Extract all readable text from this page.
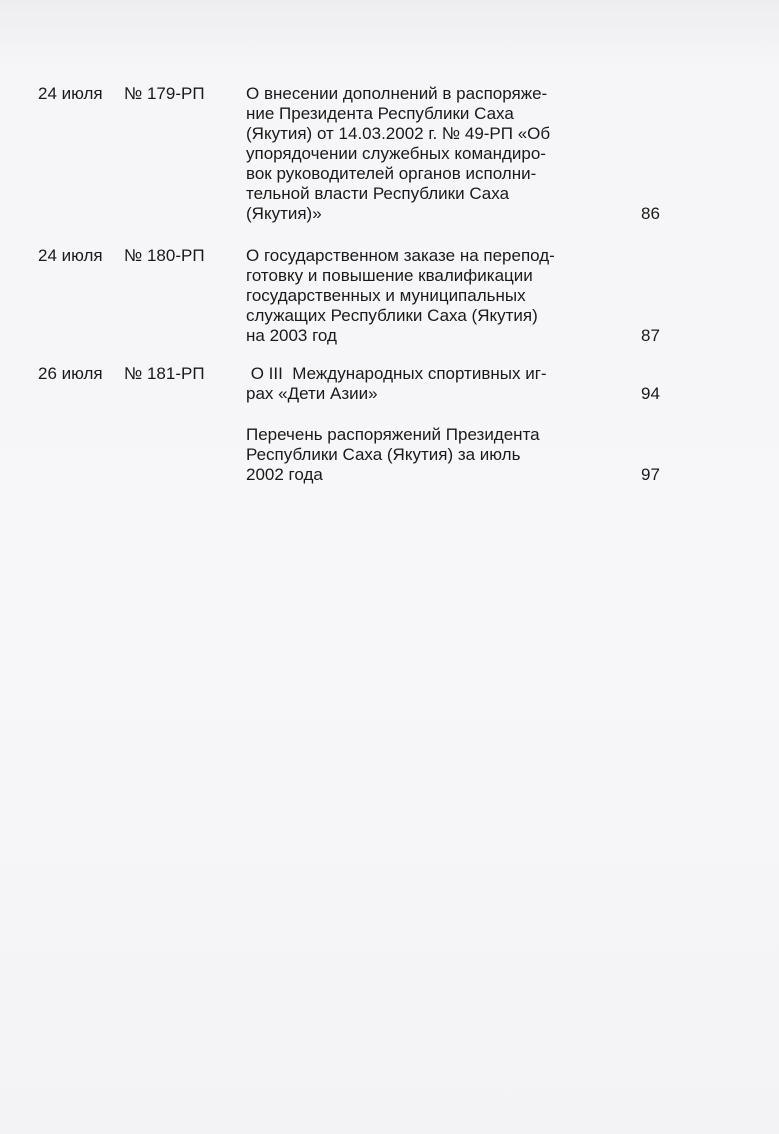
24 июля № 179-РП О внесении дополнений в распоряже-
ние Президента Республики Саха
(Якутия) от 14.03.2002 г. № 49-РП «Об
упорядочении служебных командиро-
вок руководителей органов исполни-
тельной власти Республики Саха
(Якутия)»	86
24 июля № 180-РП О государственном заказе на перепод-
готовку и повышение квалификации
государственных и муниципальных
служащих Республики Саха (Якутия)
на 2003 год	87
26 июля № 181-РП О III  Международных спортивных иг-
рах «Дети Азии»	94
Перечень распоряжений Президента
Республики Саха (Якутия) за июль
2002 года	97
